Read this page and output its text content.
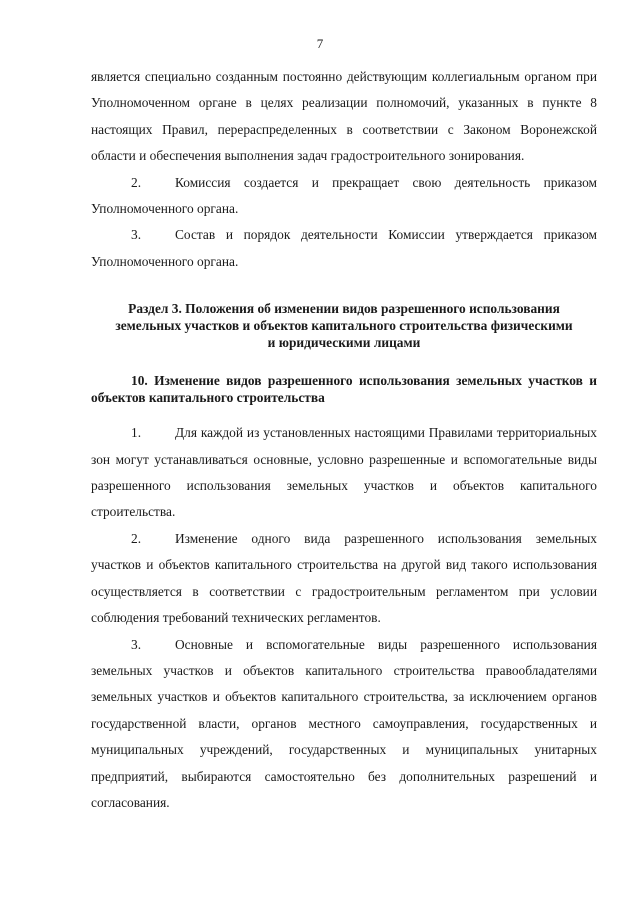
7

является специально созданным постоянно действующим коллегиальным органом при Уполномоченном органе в целях реализации полномочий, указанных в пункте 8 настоящих Правил, перераспределенных в соответствии с Законом Воронежской области и обеспечения выполнения задач градостроительного зонирования.

2.	Комиссия создается и прекращает свою деятельность приказом Уполномоченного органа.

3.	Состав и порядок деятельности Комиссии утверждается приказом Уполномоченного органа.

Раздел 3. Положения об изменении видов разрешенного использования земельных участков и объектов капитального строительства физическими и юридическими лицами
10. Изменение видов разрешенного использования земельных участков и объектов капитального строительства

1.	Для каждой из установленных настоящими Правилами территориальных зон могут устанавливаться основные, условно разрешенные и вспомогательные виды разрешенного использования земельных участков и объектов капитального строительства.

2.	Изменение одного вида разрешенного использования земельных участков и объектов капитального строительства на другой вид такого использования осуществляется в соответствии с градостроительным регламентом при условии соблюдения требований технических регламентов.

3.	Основные и вспомогательные виды разрешенного использования земельных участков и объектов капитального строительства правообладателями земельных участков и объектов капитального строительства, за исключением органов государственной власти, органов местного самоуправления, государственных и муниципальных учреждений, государственных и муниципальных унитарных предприятий, выбираются самостоятельно без дополнительных разрешений и согласования.
